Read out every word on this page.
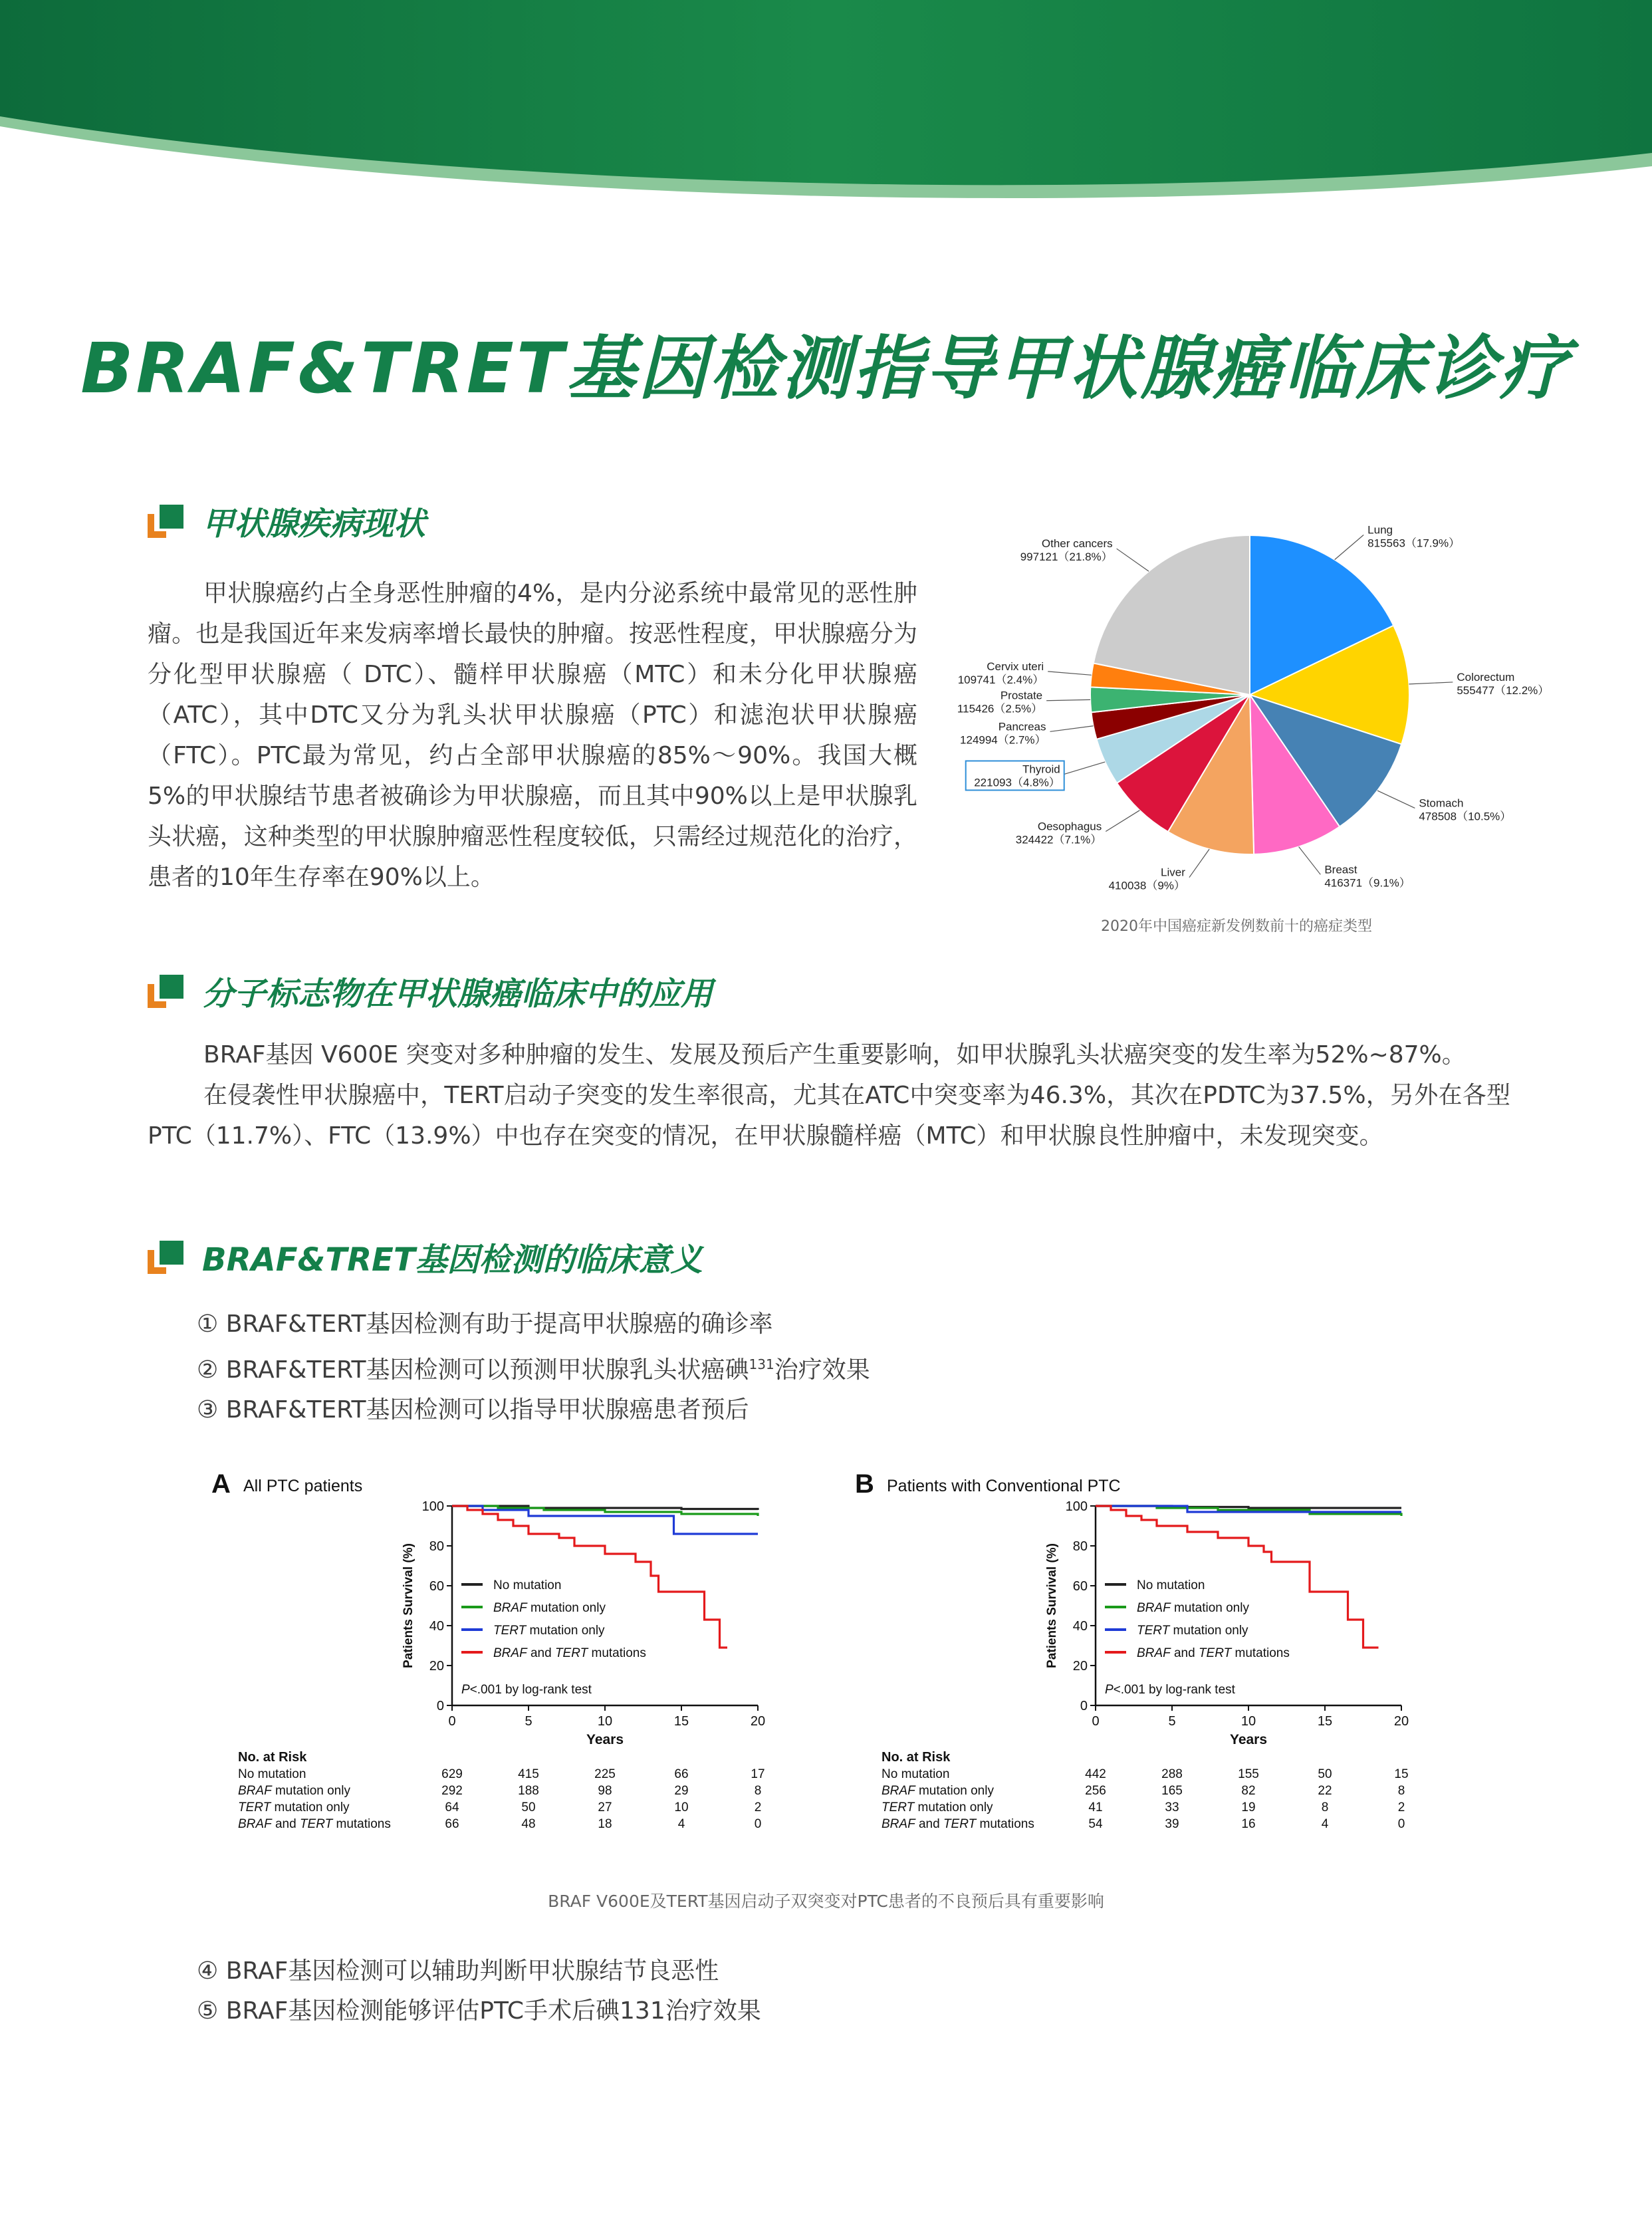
BRAF&TRET基因检测指导甲状腺癌临床诊疗
甲状腺疾病现状

甲状腺癌约占全身恶性肿瘤的4%，是内分泌系统中最常见的恶性肿瘤。也是我国近年来发病率增长最快的肿瘤。按恶性程度，甲状腺癌分为分化型甲状腺癌（ DTC）、髓样甲状腺癌（MTC）和未分化甲状腺癌（ATC），其中DTC又分为乳头状甲状腺癌（PTC）和滤泡状甲状腺癌（FTC）。PTC最为常见，约占全部甲状腺癌的85%～90%。我国大概5%的甲状腺结节患者被确诊为甲状腺癌，而且其中90%以上是甲状腺乳头状癌，这种类型的甲状腺肿瘤恶性程度较低，只需经过规范化的治疗，患者的10年生存率在90%以上。

Lung
815563（17.9%）
Colorectum
555477（12.2%）
Stomach
478508（10.5%）
Breast
416371（9.1%）
Liver
410038（9%）
Oesophagus
324422（7.1%）
Thyroid
221093（4.8%）
Pancreas
124994（2.7%）
Prostate
115426（2.5%）
Cervix uteri
109741（2.4%）
Other cancers
997121（21.8%）
2020年中国癌症新发例数前十的癌症类型
分子标志物在甲状腺癌临床中的应用

BRAF基因 V600E 突变对多种肿瘤的发生、发展及预后产生重要影响，如甲状腺乳头状癌突变的发生率为52%~87%。

在侵袭性甲状腺癌中，TERT启动子突变的发生率很高，尤其在ATC中突变率为46.3%，其次在PDTC为37.5%，另外在各型PTC（11.7%）、FTC（13.9%）中也存在突变的情况，在甲状腺髓样癌（MTC）和甲状腺良性肿瘤中，未发现突变。

BRAF&TRET基因检测的临床意义
① BRAF&TERT基因检测有助于提高甲状腺癌的确诊率
② BRAF&TERT基因检测可以预测甲状腺乳头状癌碘$^{131}$治疗效果
③ BRAF&TERT基因检测可以指导甲状腺癌患者预后
A All PTC patients
0
20
40
60
80
100
0	5	10	15	20
Years
Patients Survival (%)	No mutation
BRAF mutation only
TERT mutation only
BRAF and TERT mutations
P<.001 by log-rank test
No. at Risk
No mutation	629	415	225	66	17
BRAF mutation only	292	188	98	29	8
TERT mutation only	64	50	27	10	2
BRAF and TERT mutations	66	48	18	4	0
B Patients with Conventional PTC
0
20
40
60
80
100
0	5	10	15	20
Years
Patients Survival (%)	No mutation
BRAF mutation only
TERT mutation only
BRAF and TERT mutations
P<.001 by log-rank test
No. at Risk
No mutation	442	288	155	50	15
BRAF mutation only	256	165	82	22	8
TERT mutation only	41	33	19	8	2
BRAF and TERT mutations	54	39	16	4	0
BRAF V600E及TERT基因启动子双突变对PTC患者的不良预后具有重要影响
④ BRAF基因检测可以辅助判断甲状腺结节良恶性
⑤ BRAF基因检测能够评估PTC手术后碘131治疗效果
